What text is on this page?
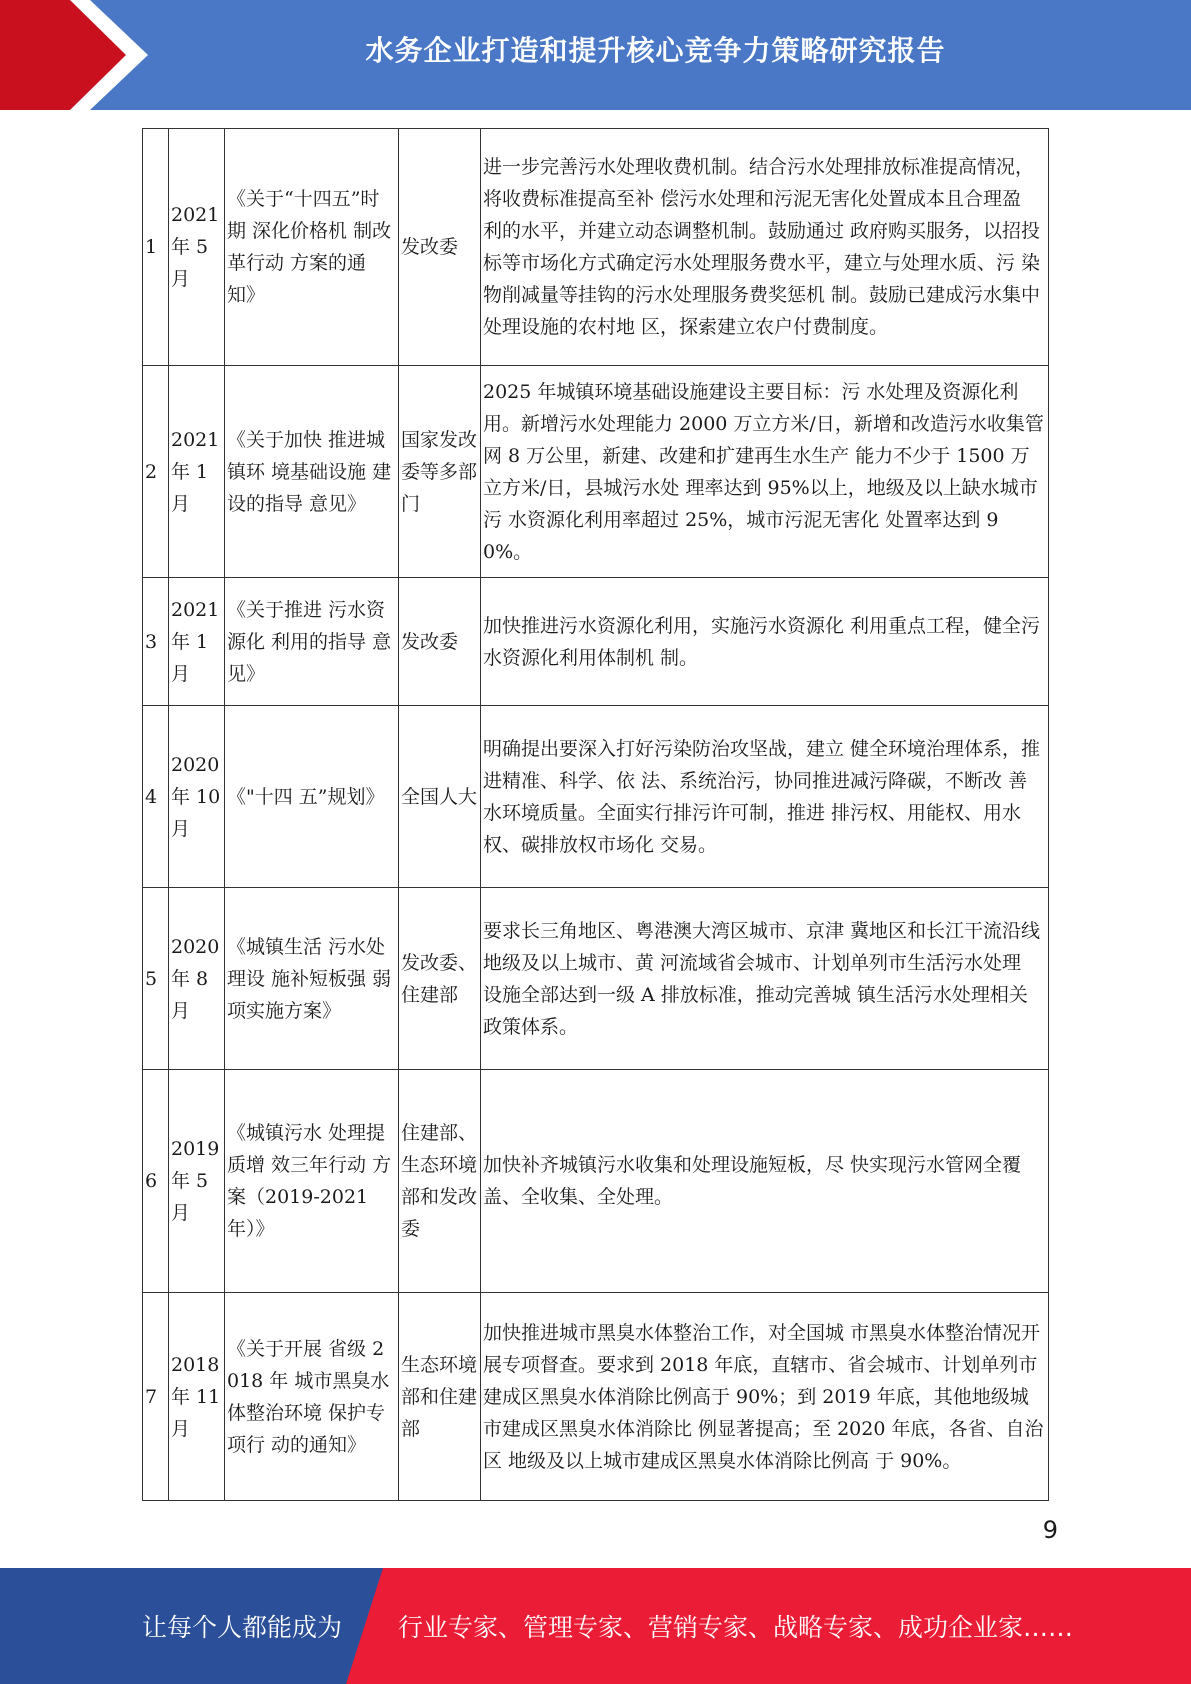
水务企业打造和提升核心竞争力策略研究报告
1	2021 年 5 月	《关于“十四五”时期 深化价格机 制改革行动 方案的通 知》	发改委	进一步完善污水处理收费机制。结合污水处理排放标准提高情况，将收费标准提高至补 偿污水处理和污泥无害化处置成本且合理盈 利的水平，并建立动态调整机制。鼓励通过 政府购买服务，以招投标等市场化方式确定污水处理服务费水平，建立与处理水质、污 染物削减量等挂钩的污水处理服务费奖惩机 制。鼓励已建成污水集中处理设施的农村地 区，探索建立农户付费制度。
2	2021 年 1 月	《关于加快 推进城镇环 境基础设施 建设的指导 意见》	国家发改 委等多部 门	2025 年城镇环境基础设施建设主要目标：污 水处理及资源化利用。新增污水处理能力 2000 万立方米/日，新增和改造污水收集管 网 8 万公里，新建、改建和扩建再生水生产 能力不少于 1500 万立方米/日，县城污水处 理率达到 95%以上，地级及以上缺水城市污 水资源化利用率超过 25%，城市污泥无害化 处置率达到 90%。
3	2021 年 1 月	《关于推进 污水资源化 利用的指导 意见》	发改委	加快推进污水资源化利用，实施污水资源化 利用重点工程，健全污水资源化利用体制机 制。
4	2020 年 10 月	《"十四 五”规划》	全国人大	明确提出要深入打好污染防治攻坚战，建立 健全环境治理体系，推进精准、科学、依 法、系统治污，协同推进减污降碳，不断改 善水环境质量。全面实行排污许可制，推进 排污权、用能权、用水权、碳排放权市场化 交易。
5	2020 年 8 月	《城镇生活 污水处理设 施补短板强 弱项实施方案》	发改委、 住建部	要求长三角地区、粤港澳大湾区城市、京津 冀地区和长江干流沿线地级及以上城市、黄 河流域省会城市、计划单列市生活污水处理 设施全部达到一级 A 排放标准，推动完善城 镇生活污水处理相关政策体系。
6	2019 年 5 月	《城镇污水 处理提质增 效三年行动 方案（2019-2021 年）》	住建部、 生态环境部和发改委	加快补齐城镇污水收集和处理设施短板，尽 快实现污水管网全覆盖、全收集、全处理。
7	2018 年 11 月	《关于开展 省级 2018 年 城市黑臭水 体整治环境 保护专项行 动的通知》	生态环境 部和住建 部	加快推进城市黑臭水体整治工作，对全国城 市黑臭水体整治情况开展专项督查。要求到 2018 年底，直辖市、省会城市、计划单列市 建成区黑臭水体消除比例高于 90%；到 2019 年底，其他地级城市建成区黑臭水体消除比 例显著提高；至 2020 年底，各省、自治区 地级及以上城市建成区黑臭水体消除比例高 于 90%。
9
让每个人都能成为 行业专家、管理专家、营销专家、战略专家、成功企业家……
